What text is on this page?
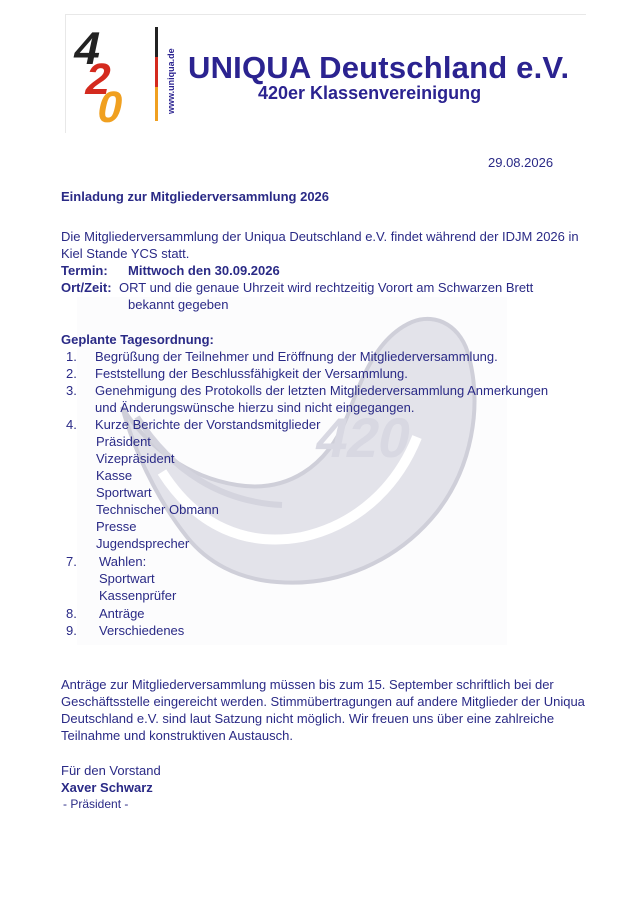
4
2
0	www.uniqua.de UNIQUA Deutschland e.V.
420er Klassenvereinigung
420
29.08.2026
Einladung zur Mitgliederversammlung 2026
Die Mitgliederversammlung der Uniqua Deutschland e.V. findet während der IDJM 2026 in Kiel Stande YCS statt.
Termin: Mittwoch den 30.09.2026
Ort/Zeit: ORT und die genaue Uhrzeit wird rechtzeitig Vorort am Schwarzen Brett
bekannt gegeben
Geplante Tagesordnung:
1. Begrüßung der Teilnehmer und Eröffnung der Mitgliederversammlung.
2. Feststellung der Beschlussfähigkeit der Versammlung.
3. Genehmigung des Protokolls der letzten Mitgliederversammlung Anmerkungen
und Änderungswünsche hierzu sind nicht eingegangen.
4. Kurze Berichte der Vorstandsmitglieder
Präsident
Vizepräsident
Kasse
Sportwart
Technischer Obmann
Presse
Jugendsprecher
7. Wahlen:
Sportwart
Kassenprüfer
8. Anträge
9. Verschiedenes
Anträge zur Mitgliederversammlung müssen bis zum 15. September schriftlich bei der Geschäftsstelle eingereicht werden. Stimmübertragungen auf andere Mitglieder der Uniqua Deutschland e.V. sind laut Satzung nicht möglich. Wir freuen uns über eine zahlreiche Teilnahme und konstruktiven Austausch.
Für den Vorstand
Xaver Schwarz
- Präsident -
